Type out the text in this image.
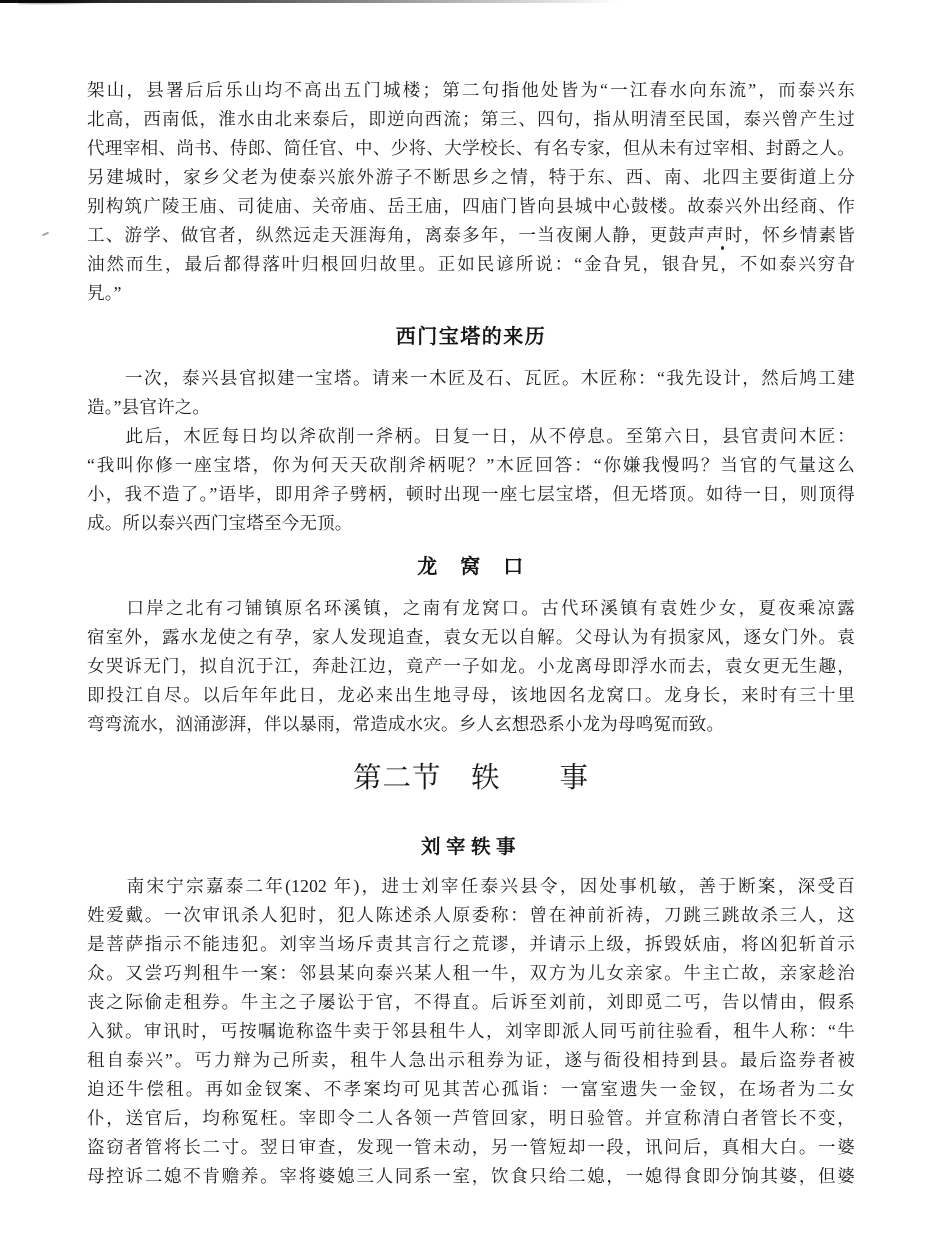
架山，县署后后乐山均不高出五门城楼；第二句指他处皆为“一江春水向东流”，而泰兴东
北高，西南低，淮水由北来泰后，即逆向西流；第三、四句，指从明清至民国，泰兴曾产生过
代理宰相、尚书、侍郎、简任官、中、少将、大学校长、有名专家，但从未有过宰相、封爵之人。
另建城时，家乡父老为使泰兴旅外游子不断思乡之情，特于东、西、南、北四主要街道上分
别构筑广陵王庙、司徒庙、关帝庙、岳王庙，四庙门皆向县城中心鼓楼。故泰兴外出经商、作
工、游学、做官者，纵然远走天涯海角，离泰多年，一当夜阑人静，更鼓声声时，怀乡情素皆
油然而生，最后都得落叶归根回归故里。正如民谚所说：“金旮旯，银旮旯，不如泰兴穷旮
旯。”
西门宝塔的来历
　　一次，泰兴县官拟建一宝塔。请来一木匠及石、瓦匠。木匠称：“我先设计，然后鸠工建
造。”县官许之。
　　此后，木匠每日均以斧砍削一斧柄。日复一日，从不停息。至第六日，县官责问木匠：
“我叫你修一座宝塔，你为何天天砍削斧柄呢？”木匠回答：“你嫌我慢吗？当官的气量这么
小，我不造了。”语毕，即用斧子劈柄，顿时出现一座七层宝塔，但无塔顶。如待一日，则顶得
成。所以泰兴西门宝塔至今无顶。
龙　窝　口
　　口岸之北有刁铺镇原名环溪镇，之南有龙窝口。古代环溪镇有袁姓少女，夏夜乘凉露
宿室外，露水龙使之有孕，家人发现追查，袁女无以自解。父母认为有损家风，逐女门外。袁
女哭诉无门，拟自沉于江，奔赴江边，竟产一子如龙。小龙离母即浮水而去，袁女更无生趣，
即投江自尽。以后年年此日，龙必来出生地寻母，该地因名龙窝口。龙身长，来时有三十里
弯弯流水，汹涌澎湃，伴以暴雨，常造成水灾。乡人玄想恐系小龙为母鸣冤而致。
第二节　轶　　事
刘宰轶事
　　南宋宁宗嘉泰二年(1202 年)，进士刘宰任泰兴县令，因处事机敏，善于断案，深受百
姓爱戴。一次审讯杀人犯时，犯人陈述杀人原委称：曾在神前祈祷，刀跳三跳故杀三人，这
是菩萨指示不能违犯。刘宰当场斥责其言行之荒谬，并请示上级，拆毁妖庙，将凶犯斩首示
众。又尝巧判租牛一案：邻县某向泰兴某人租一牛，双方为儿女亲家。牛主亡故，亲家趁治
丧之际偷走租券。牛主之子屡讼于官，不得直。后诉至刘前，刘即觅二丐，告以情由，假系
入狱。审讯时，丐按嘱诡称盗牛卖于邻县租牛人，刘宰即派人同丐前往验看，租牛人称：“牛
租自泰兴”。丐力辩为己所卖，租牛人急出示租券为证，遂与衙役相持到县。最后盗券者被
迫还牛偿租。再如金钗案、不孝案均可见其苦心孤诣：一富室遗失一金钗，在场者为二女
仆，送官后，均称冤枉。宰即令二人各领一芦管回家，明日验管。并宣称清白者管长不变，
盗窃者管将长二寸。翌日审查，发现一管未动，另一管短却一段，讯问后，真相大白。一婆
母控诉二媳不肯赡养。宰将婆媳三人同系一室，饮食只给二媳，一媳得食即分饷其婆，但婆
